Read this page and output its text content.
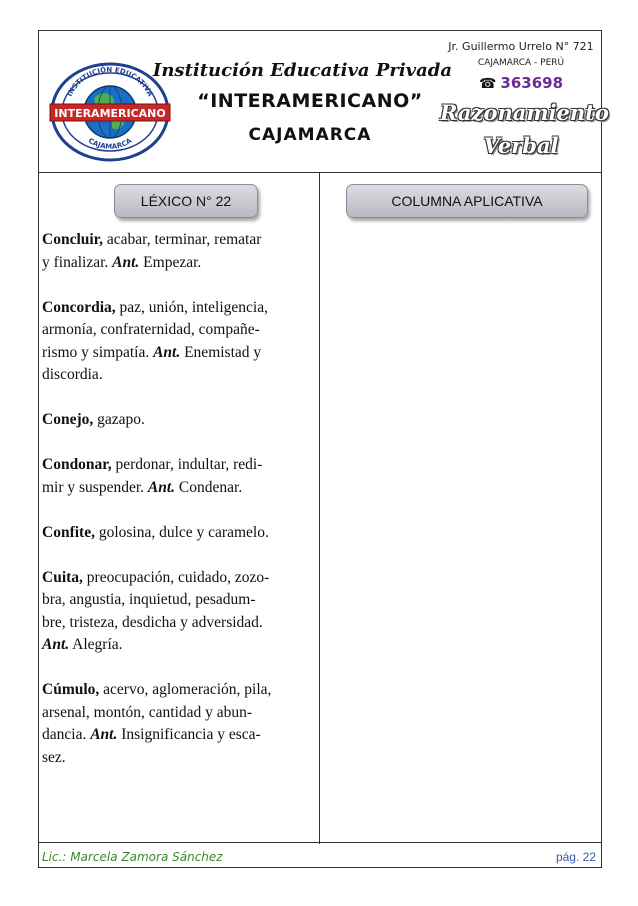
INSTITUCIÓN EDUCATIVA
CAJAMARCA
INTERAMERICANO
Institución Educativa Privada
“INTERAMERICANO”
CAJAMARCA
Jr. Guillermo Urrelo N° 721
CAJAMARCA - PERÚ
☎ 363698
Razonamiento
Verbal
LÉXICO N° 22	COLUMNA APLICATIVA
Concluir, acabar, terminar, rematar
y finalizar. Ant. Empezar.
Concordia, paz, unión, inteligencia,
armonía, confraternidad, compañe-
rismo y simpatía. Ant. Enemistad y
discordia.
Conejo, gazapo.
Condonar, perdonar, indultar, redi-
mir y suspender. Ant. Condenar.
Confite, golosina, dulce y caramelo.
Cuita, preocupación, cuidado, zozo-
bra, angustia, inquietud, pesadum-
bre, tristeza, desdicha y adversidad.
Ant. Alegría.
Cúmulo, acervo, aglomeración, pila,
arsenal, montón, cantidad y abun-
dancia. Ant. Insignificancia y esca-
sez.
Lic.: Marcela Zamora Sánchez	pág. 22
